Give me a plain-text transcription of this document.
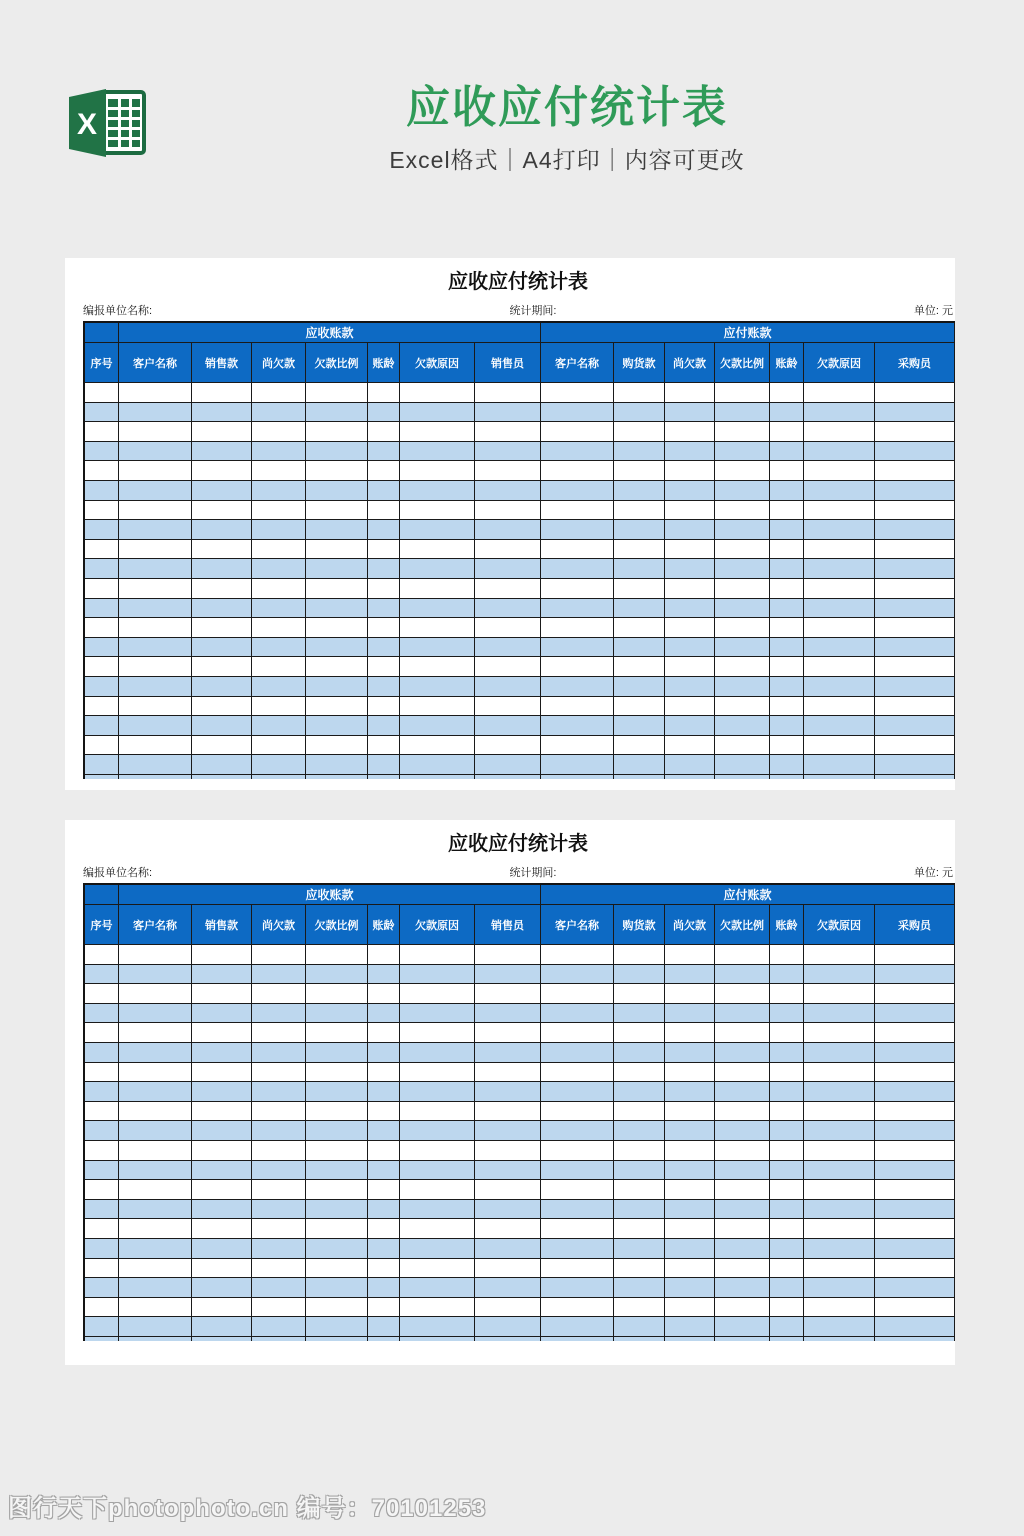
X	应收应付统计表
Excel格式｜A4打印｜内容可更改
应收应付统计表
编报单位名称:	统计期间:	单位: 元
应收账款	应付账款
序号	客户名称	销售款	尚欠款	欠款比例	账龄	欠款原因	销售员	客户名称	购货款	尚欠款	欠款比例	账龄	欠款原因	采购员
应收应付统计表
编报单位名称:	统计期间:	单位: 元
应收账款	应付账款
序号	客户名称	销售款	尚欠款	欠款比例	账龄	欠款原因	销售员	客户名称	购货款	尚欠款	欠款比例	账龄	欠款原因	采购员
图行天下photophoto.cn 编号：70101253
